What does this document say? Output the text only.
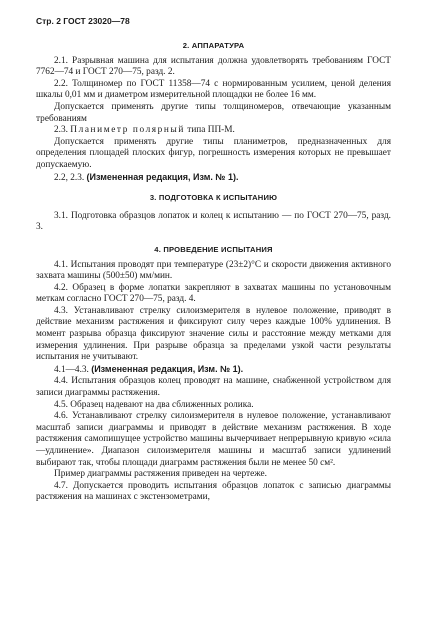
Стр. 2 ГОСТ 23020—78
2. АППАРАТУРА

2.1. Разрывная машина для испытания должна удовлетворять требованиям ГОСТ 7762—74 и ГОСТ 270—75, разд. 2.

2.2. Толщиномер по ГОСТ 11358—74 с нормированным усилием, ценой деления шкалы 0,01 мм и диаметром измерительной площадки не более 16 мм.

Допускается применять другие типы толщиномеров, отвечающие указанным требованиям

2.3. Планиметр полярный типа ПП-М.

Допускается применять другие типы планиметров, предназначенных для определения площадей плоских фигур, погрешность измерения которых не превышает допускаемую.

2.2, 2.3. (Измененная редакция, Изм. № 1).

3. ПОДГОТОВКА К ИСПЫТАНИЮ

3.1. Подготовка образцов лопаток и колец к испытанию — по ГОСТ 270—75, разд. 3.

4. ПРОВЕДЕНИЕ ИСПЫТАНИЯ

4.1. Испытания проводят при температуре (23±2)°С и скорости движения активного захвата машины (500±50) мм/мин.

4.2. Образец в форме лопатки закрепляют в захватах машины по установочным меткам согласно ГОСТ 270—75, разд. 4.

4.3. Устанавливают стрелку силоизмерителя в нулевое положение, приводят в действие механизм растяжения и фиксируют силу через каждые 100% удлинения. В момент разрыва образца фиксируют значение силы и расстояние между метками для измерения удлинения. При разрыве образца за пределами узкой части результаты испытания не учитывают.

4.1—4.3. (Измененная редакция, Изм. № 1).

4.4. Испытания образцов колец проводят на машине, снабженной устройством для записи диаграммы растяжения.

4.5. Образец надевают на два сближенных ролика.

4.6. Устанавливают стрелку силоизмерителя в нулевое положение, устанавливают масштаб записи диаграммы и приводят в действие механизм растяжения. В ходе растяжения самопишущее устройство машины вычерчивает непрерывную кривую «сила—удлинение». Диапазон силоизмерителя машины и масштаб записи удлинений выбирают так, чтобы площади диаграмм растяжения были не менее 50 см².

Пример диаграммы растяжения приведен на чертеже.

4.7. Допускается проводить испытания образцов лопаток с записью диаграммы растяжения на машинах с экстензометрами,
